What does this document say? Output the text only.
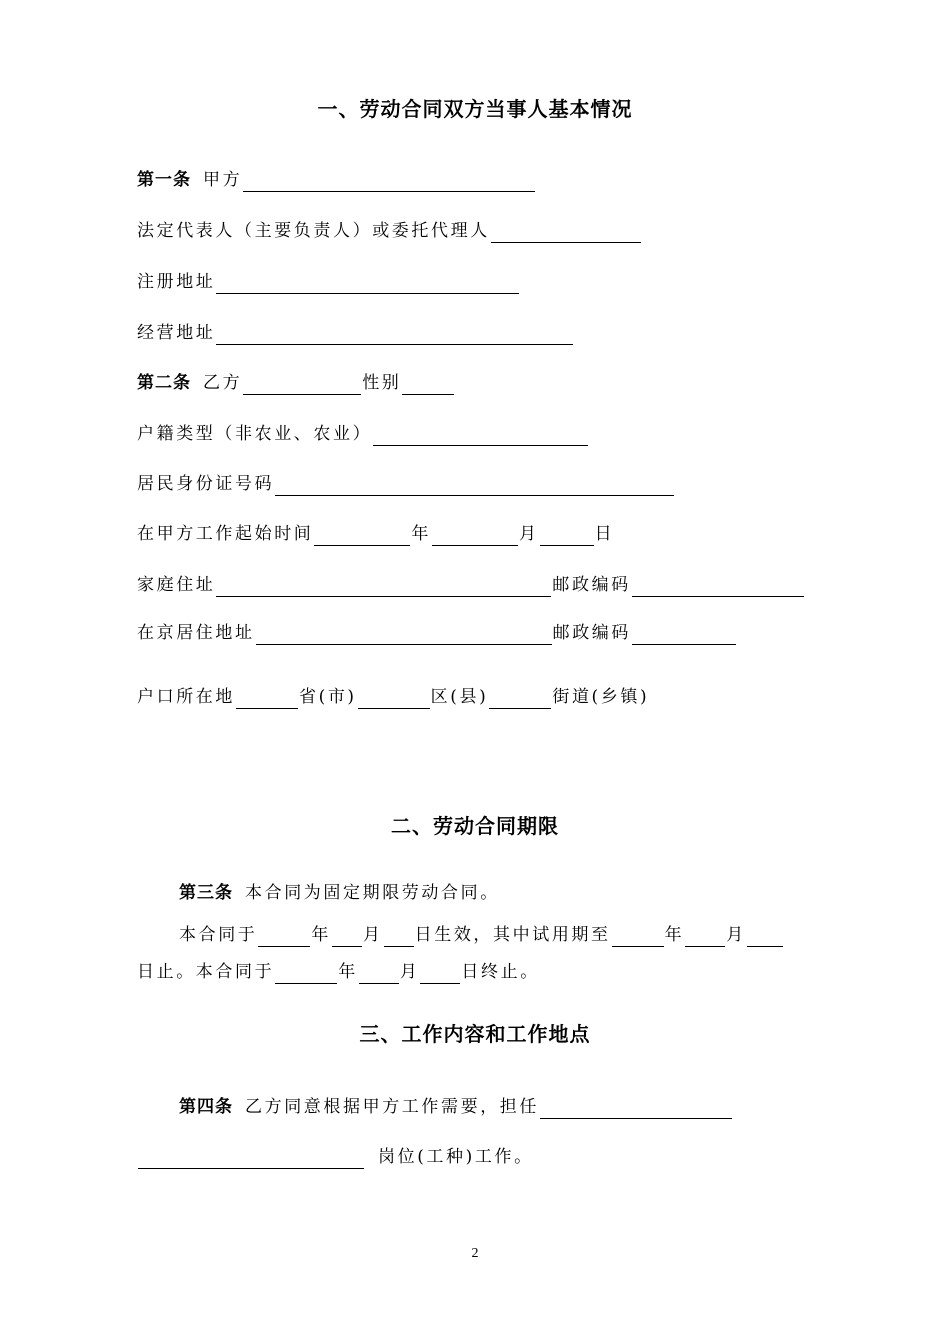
一、劳动合同双方当事人基本情况
第一条 甲方
法定代表人（主要负责人）或委托代理人
注册地址
经营地址
第二条 乙方	性别
户籍类型（非农业、农业）
居民身份证号码
在甲方工作起始时间	年	月	日
家庭住址	邮政编码
在京居住地址	邮政编码
户口所在地	省(市)	区(县)	街道(乡镇)
二、劳动合同期限
第三条 本合同为固定期限劳动合同。
本合同于	年 月 日生效，其中试用期至	年 月
日止。本合同于	年 月 日终止。
三、工作内容和工作地点
第四条 乙方同意根据甲方工作需要，担任
岗位(工种)工作。
2
